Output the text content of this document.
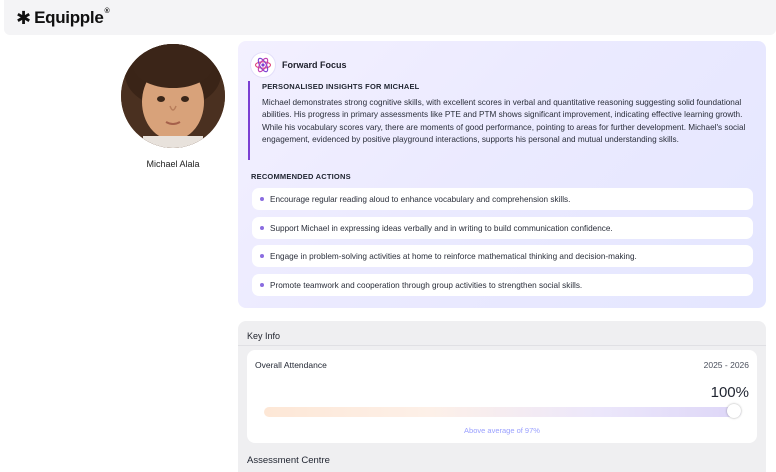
✱ Equipple®
Michael Alala
Forward Focus
PERSONALISED INSIGHTS FOR MICHAEL
Michael demonstrates strong cognitive skills, with excellent scores in verbal and quantitative reasoning suggesting solid foundational abilities. His progress in primary assessments like PTE and PTM shows significant improvement, indicating effective learning growth. While his vocabulary scores vary, there are moments of good performance, pointing to areas for further development. Michael's social engagement, evidenced by positive playground interactions, supports his personal and mutual understanding skills.
RECOMMENDED ACTIONS
Encourage regular reading aloud to enhance vocabulary and comprehension skills.
Support Michael in expressing ideas verbally and in writing to build communication confidence.
Engage in problem-solving activities at home to reinforce mathematical thinking and decision-making.
Promote teamwork and cooperation through group activities to strengthen social skills.
Key Info
Overall Attendance	2025 - 2026
100%
Above average of 97%
Assessment Centre
